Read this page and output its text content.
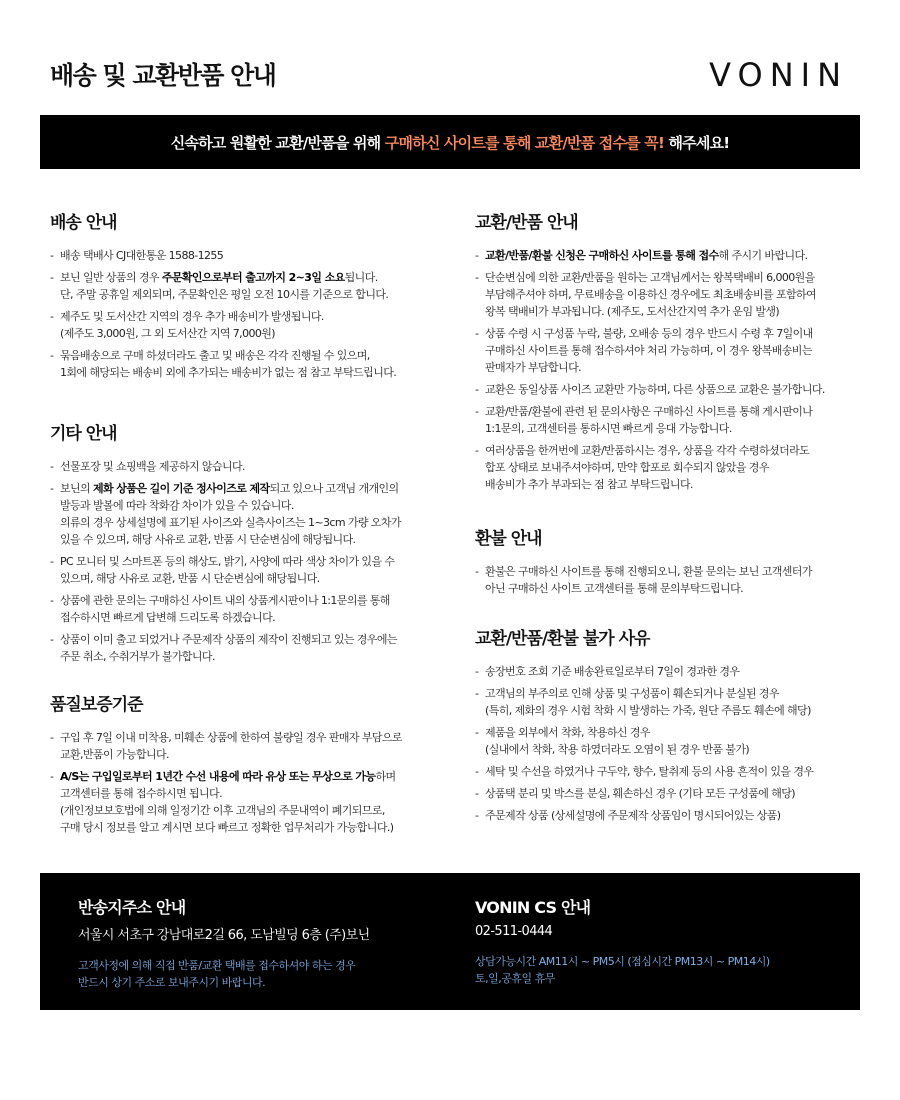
배송 및 교환반품 안내	VONIN
신속하고 원활한 교환/반품을 위해 구매하신 사이트를 통해 교환/반품 접수를 꼭! 해주세요!
배송 안내
- 배송 택배사 CJ대한통운 1588-1255
- 보닌 일반 상품의 경우 주문확인으로부터 출고까지 2~3일 소요됩니다.
단, 주말 공휴일 제외되며, 주문확인은 평일 오전 10시를 기준으로 합니다.
- 제주도 및 도서산간 지역의 경우 추가 배송비가 발생됩니다.
(제주도 3,000원, 그 외 도서산간 지역 7,000원)
- 묶음배송으로 구매 하셨더라도 출고 및 배송은 각각 진행될 수 있으며,
1회에 해당되는 배송비 외에 추가되는 배송비가 없는 점 참고 부탁드립니다.
기타 안내
- 선물포장 및 쇼핑백을 제공하지 않습니다.
- 보닌의 제화 상품은 길이 기준 정사이즈로 제작되고 있으나 고객님 개개인의
발등과 발볼에 따라 착화감 차이가 있을 수 있습니다.
의류의 경우 상세설명에 표기된 사이즈와 실측사이즈는 1~3cm 가량 오차가
있을 수 있으며, 해당 사유로 교환, 반품 시 단순변심에 해당됩니다.
- PC 모니터 및 스마트폰 등의 해상도, 밝기, 사양에 따라 색상 차이가 있을 수
있으며, 해당 사유로 교환, 반품 시 단순변심에 해당됩니다.
- 상품에 관한 문의는 구매하신 사이트 내의 상품게시판이나 1:1문의를 통해
접수하시면 빠르게 답변해 드리도록 하겠습니다.
- 상품이 이미 출고 되었거나 주문제작 상품의 제작이 진행되고 있는 경우에는
주문 취소, 수취거부가 불가합니다.
품질보증기준
- 구입 후 7일 이내 미착용, 미훼손 상품에 한하여 불량일 경우 판매자 부담으로
교환,반품이 가능합니다.
- A/S는 구입일로부터 1년간 수선 내용에 따라 유상 또는 무상으로 가능하며
고객센터를 통해 접수하시면 됩니다.
(개인정보보호법에 의해 일정기간 이후 고객님의 주문내역이 폐기되므로,
구매 당시 정보를 알고 계시면 보다 빠르고 정확한 업무처리가 가능합니다.)
교환/반품 안내
- 교환/반품/환불 신청은 구매하신 사이트를 통해 접수해 주시기 바랍니다.
- 단순변심에 의한 교환/반품을 원하는 고객님께서는 왕복택배비 6,000원을
부담해주셔야 하며, 무료배송을 이용하신 경우에도 최초배송비를 포함하여
왕복 택배비가 부과됩니다. (제주도, 도서산간지역 추가 운임 발생)
- 상품 수령 시 구성품 누락, 불량, 오배송 등의 경우 반드시 수령 후 7일이내
구매하신 사이트를 통해 접수하셔야 처리 가능하며, 이 경우 왕복배송비는
판매자가 부담합니다.
- 교환은 동일상품 사이즈 교환만 가능하며, 다른 상품으로 교환은 불가합니다.
- 교환/반품/환불에 관련 된 문의사항은 구매하신 사이트를 통해 게시판이나
1:1문의, 고객센터를 통하시면 빠르게 응대 가능합니다.
- 여러상품을 한꺼번에 교환/반품하시는 경우, 상품을 각각 수령하셨더라도
합포 상태로 보내주셔야하며, 만약 합포로 회수되지 않았을 경우
배송비가 추가 부과되는 점 참고 부탁드립니다.
환불 안내
- 환불은 구매하신 사이트를 통해 진행되오니, 환불 문의는 보닌 고객센터가
아닌 구매하신 사이트 고객센터를 통해 문의부탁드립니다.
교환/반품/환불 불가 사유
- 송장번호 조회 기준 배송완료일로부터 7일이 경과한 경우
- 고객님의 부주의로 인해 상품 및 구성품이 훼손되거나 분실된 경우
(특히, 제화의 경우 시험 착화 시 발생하는 가죽, 원단 주름도 훼손에 해당)
- 제품을 외부에서 착화, 착용하신 경우
(실내에서 착화, 착용 하였더라도 오염이 된 경우 반품 불가)
- 세탁 및 수선을 하였거나 구두약, 향수, 탈취제 등의 사용 흔적이 있을 경우
- 상품택 분리 및 박스를 분실, 훼손하신 경우 (기타 모든 구성품에 해당)
- 주문제작 상품 (상세설명에 주문제작 상품임이 명시되어있는 상품)
반송지주소 안내
서울시 서초구 강남대로2길 66, 도남빌딩 6층 (주)보닌
고객사정에 의해 직접 반품/교환 택배를 접수하셔야 하는 경우
반드시 상기 주소로 보내주시기 바랍니다.
VONIN CS 안내
02-511-0444
상담가능시간 AM11시 ~ PM5시 (점심시간 PM13시 ~ PM14시)
토,일,공휴일 휴무
